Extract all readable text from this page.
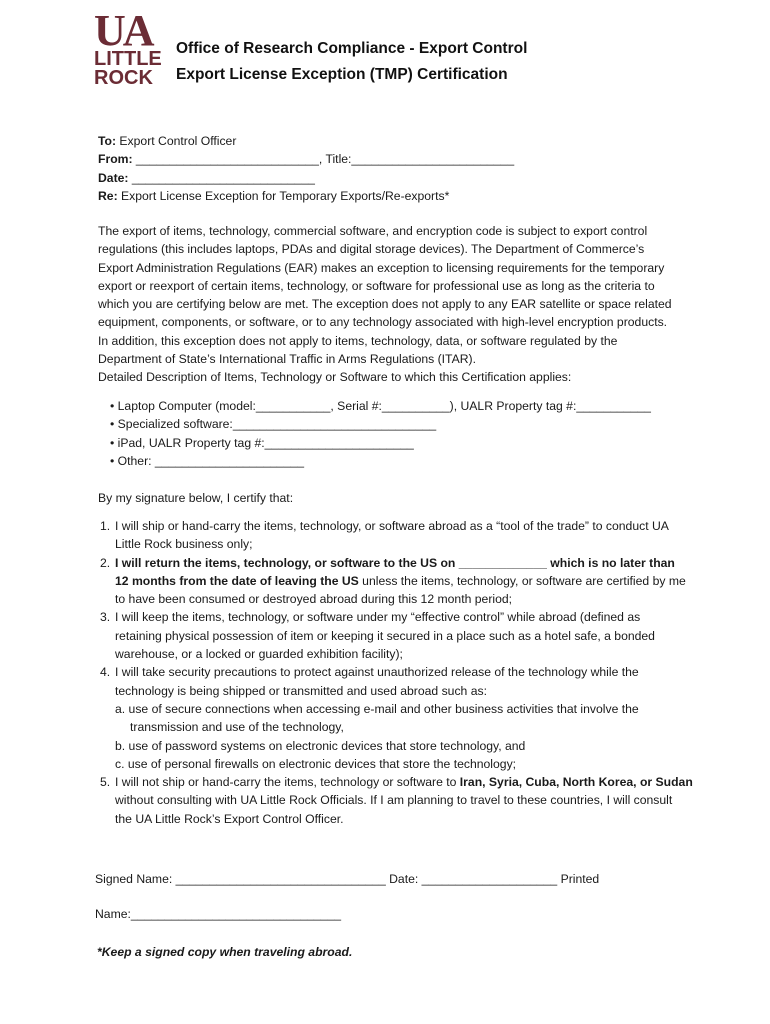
UA
LITTLE
ROCK
Office of Research Compliance - Export Control
Export License Exception (TMP) Certification
To: Export Control Officer
From: ___________________________, Title:________________________
Date: ___________________________
Re: Export License Exception for Temporary Exports/Re-exports*
The export of items, technology, commercial software, and encryption code is subject to export control
regulations (this includes laptops, PDAs and digital storage devices). The Department of Commerce’s
Export Administration Regulations (EAR) makes an exception to licensing requirements for the temporary
export or reexport of certain items, technology, or software for professional use as long as the criteria to
which you are certifying below are met. The exception does not apply to any EAR satellite or space related
equipment, components, or software, or to any technology associated with high-level encryption products.
In addition, this exception does not apply to items, technology, data, or software regulated by the
Department of State’s International Traffic in Arms Regulations (ITAR).
Detailed Description of Items, Technology or Software to which this Certification applies:
• Laptop Computer (model:___________, Serial #:__________), UALR Property tag #:___________
• Specialized software:______________________________
• iPad, UALR Property tag #:______________________
• Other: ______________________
By my signature below, I certify that:
1. I will ship or hand-carry the items, technology, or software abroad as a “tool of the trade” to conduct UA
Little Rock business only;
2. I will return the items, technology, or software to the US on _____________ which is no later than
12 months from the date of leaving the US unless the items, technology, or software are certified by me
to have been consumed or destroyed abroad during this 12 month period;
3. I will keep the items, technology, or software under my “effective control” while abroad (defined as
retaining physical possession of item or keeping it secured in a place such as a hotel safe, a bonded
warehouse, or a locked or guarded exhibition facility);
4. I will take security precautions to protect against unauthorized release of the technology while the
technology is being shipped or transmitted and used abroad such as:
a. use of secure connections when accessing e-mail and other business activities that involve the
transmission and use of the technology,
b. use of password systems on electronic devices that store technology, and
c. use of personal firewalls on electronic devices that store the technology;
5. I will not ship or hand-carry the items, technology or software to Iran, Syria, Cuba, North Korea, or Sudan
without consulting with UA Little Rock Officials. If I am planning to travel to these countries, I will consult
the UA Little Rock’s Export Control Officer.
Signed Name: _______________________________ Date: ____________________ Printed
Name:_______________________________
*Keep a signed copy when traveling abroad.
